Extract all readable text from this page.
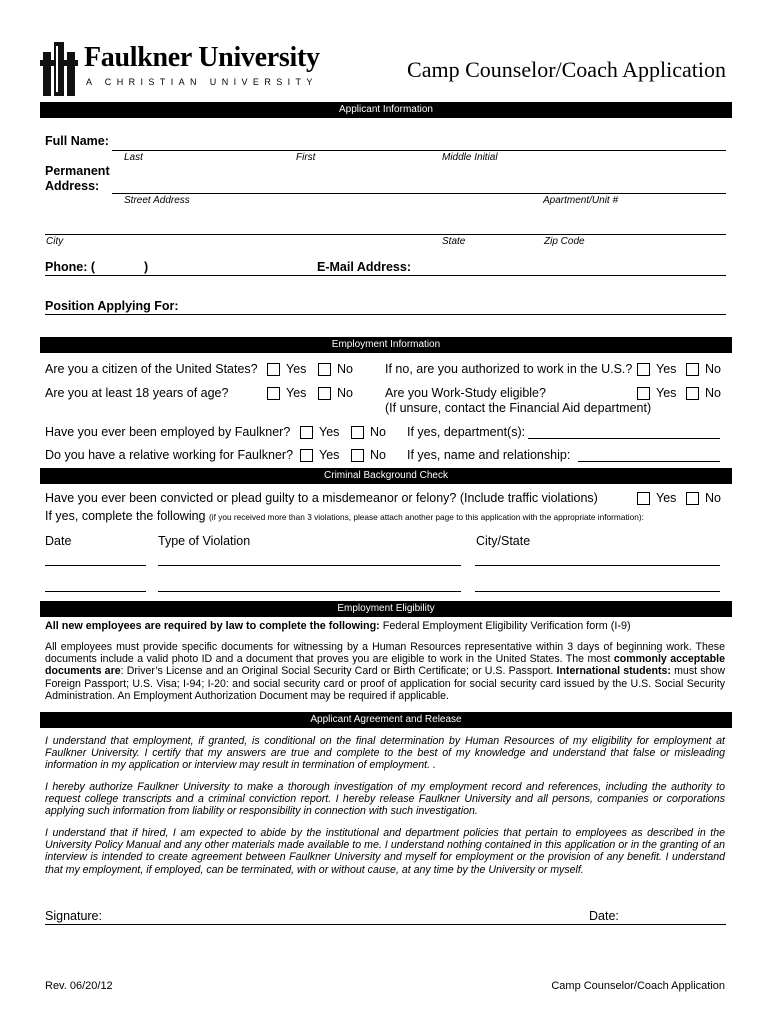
Faulkner University
A CHRISTIAN UNIVERSITY	Camp Counselor/Coach Application
Applicant Information
Full Name:
Last	First	Middle Initial
Permanent
Address:
Street Address	Apartment/Unit #
City	State	Zip Code
Phone: (	)	E-Mail Address:
Position Applying For:
Employment Information
Are you a citizen of the United States? Yes No	If no, are you authorized to work in the U.S.? Yes No
Are you at least 18 years of age?	Yes No	Are you Work-Study eligible?	Yes No
(If unsure, contact the Financial Aid department)
Have you ever been employed by Faulkner? Yes No If yes, department(s):
Do you have a relative working for Faulkner? Yes No If yes, name and relationship:
Criminal Background Check
Have you ever been convicted or plead guilty to a misdemeanor or felony? (Include traffic violations)	Yes No
If yes, complete the following (if you received more than 3 violations, please attach another page to this application with the appropriate information):
Date	Type of Violation	City/State
Employment Eligibility
All new employees are required by law to complete the following: Federal Employment Eligibility Verification form (I-9)
All employees must provide specific documents for witnessing by a Human Resources representative within 3 days of beginning work. These documents include a valid photo ID and a document that proves you are eligible to work in the United States. The most commonly acceptable documents are: Driver’s License and an Original Social Security Card or Birth Certificate; or U.S. Passport. International students: must show Foreign Passport; U.S. Visa; I-94; I-20: and social security card or proof of application for social security card issued by the U.S. Social Security Administration. An Employment Authorization Document may be required if applicable.
Applicant Agreement and Release
I understand that employment, if granted, is conditional on the final determination by Human Resources of my eligibility for employment at Faulkner University. I certify that my answers are true and complete to the best of my knowledge and understand that false or misleading information in my application or interview may result in termination of employment. .
I hereby authorize Faulkner University to make a thorough investigation of my employment record and references, including the authority to request college transcripts and a criminal conviction report. I hereby release Faulkner University and all persons, companies or corporations applying such information from liability or responsibility in connection with such investigation.
I understand that if hired, I am expected to abide by the institutional and department policies that pertain to employees as described in the University Policy Manual and any other materials made available to me. I understand nothing contained in this application or in the granting of an interview is intended to create agreement between Faulkner University and myself for employment or the provision of any benefit. I understand that my employment, if employed, can be terminated, with or without cause, at any time by the University or myself.
Signature:	Date:
Rev. 06/20/12	Camp Counselor/Coach Application
